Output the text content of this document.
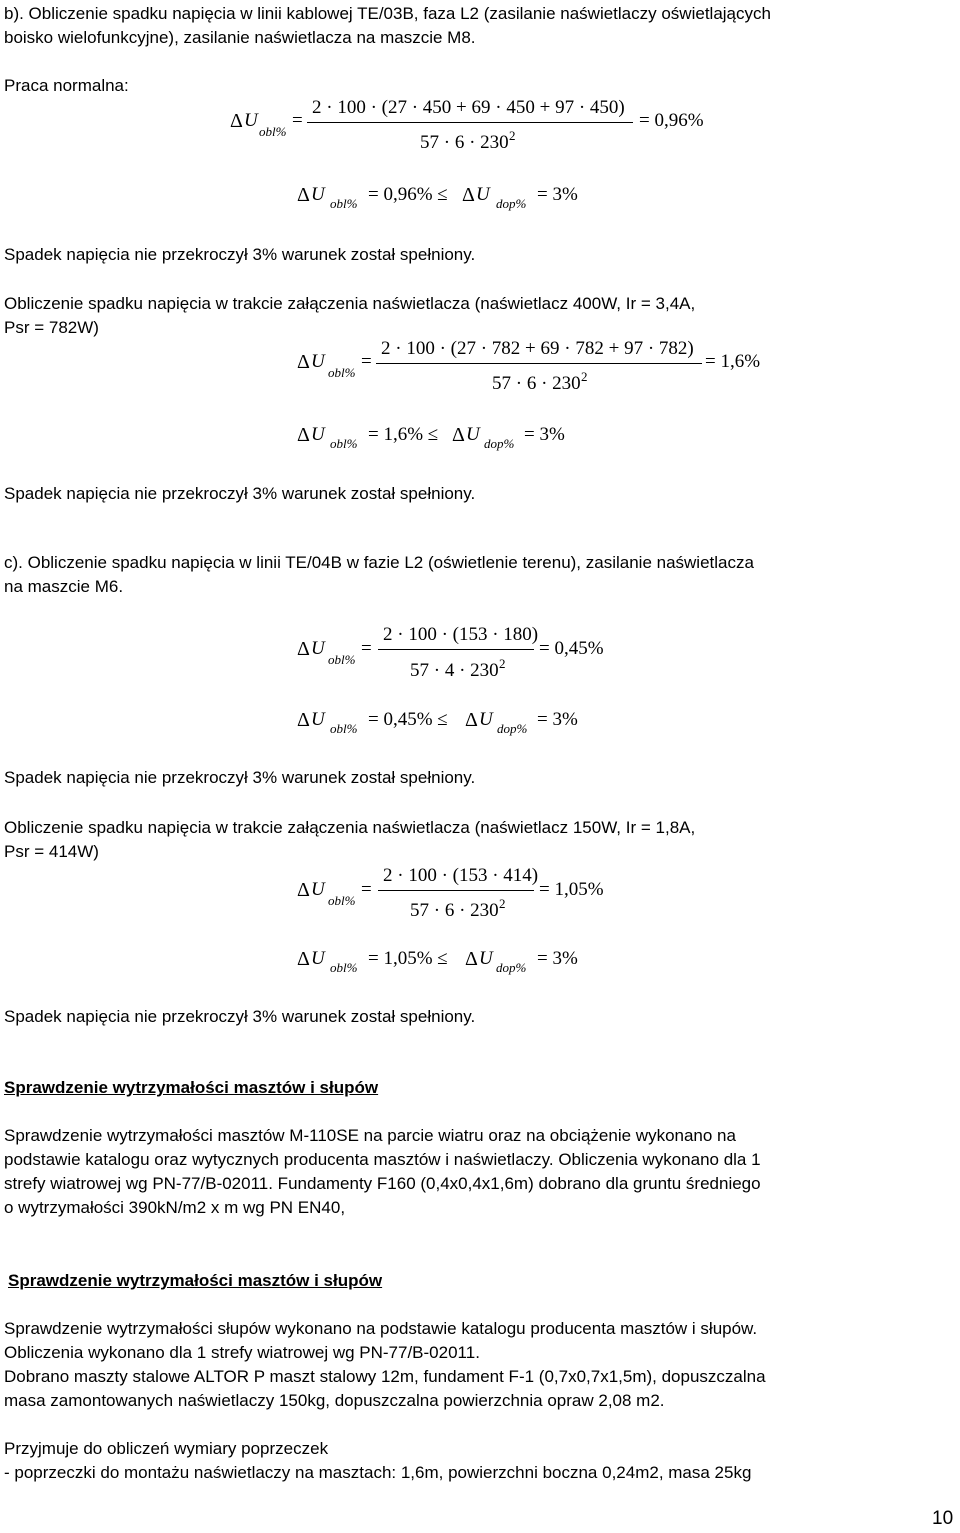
b). Obliczenie spadku napięcia w linii kablowej TE/03B, faza L2 (zasilanie naświetlaczy oświetlających
boisko wielofunkcyjne), zasilanie naświetlacza na maszcie M8.
Praca normalna:
Δ U
obl%
=
2 · 100 · (27 · 450 + 69 · 450 + 97 · 450)
57 · 6 · 230 2
= 0,96%
Δ U obl% = 0,96% ≤ Δ U dop% = 3%
Spadek napięcia nie przekroczył 3% warunek został spełniony.
Obliczenie spadku napięcia w trakcie załączenia naświetlacza (naświetlacz 400W, Ir = 3,4A,
Psr = 782W)
Δ U
obl%
=
2 · 100 · (27 · 782 + 69 · 782 + 97 · 782)
57 · 6 · 230 2
= 1,6%
Δ U obl% = 1,6% ≤ Δ U dop% = 3%
Spadek napięcia nie przekroczył 3% warunek został spełniony.
c). Obliczenie spadku napięcia w linii TE/04B w fazie L2 (oświetlenie terenu), zasilanie naświetlacza
na maszcie M6.
Δ U
obl%
=
2 · 100 · (153 · 180)
57 · 4 · 230 2
= 0,45%
Δ U obl% = 0,45% ≤ Δ U dop% = 3%
Spadek napięcia nie przekroczył 3% warunek został spełniony.
Obliczenie spadku napięcia w trakcie załączenia naświetlacza (naświetlacz 150W, Ir = 1,8A,
Psr = 414W)
Δ U
obl%
=
2 · 100 · (153 · 414)
57 · 6 · 230 2
= 1,05%
Δ U obl% = 1,05% ≤ Δ U dop% = 3%
Spadek napięcia nie przekroczył 3% warunek został spełniony.
Sprawdzenie wytrzymałości masztów i słupów
Sprawdzenie wytrzymałości masztów M-110SE na parcie wiatru oraz na obciążenie wykonano na
podstawie katalogu oraz wytycznych producenta masztów i naświetlaczy. Obliczenia wykonano dla 1
strefy wiatrowej wg PN-77/B-02011. Fundamenty F160 (0,4x0,4x1,6m) dobrano dla gruntu średniego
o wytrzymałości 390kN/m2 x m wg PN EN40,
Sprawdzenie wytrzymałości masztów i słupów
Sprawdzenie wytrzymałości słupów wykonano na podstawie katalogu producenta masztów i słupów.
Obliczenia wykonano dla 1 strefy wiatrowej wg PN-77/B-02011.
Dobrano maszty stalowe ALTOR P maszt stalowy 12m, fundament F-1 (0,7x0,7x1,5m), dopuszczalna
masa zamontowanych naświetlaczy 150kg, dopuszczalna powierzchnia opraw 2,08 m2.
Przyjmuje do obliczeń wymiary poprzeczek
- poprzeczki do montażu naświetlaczy na masztach: 1,6m, powierzchni boczna 0,24m2, masa 25kg
10
